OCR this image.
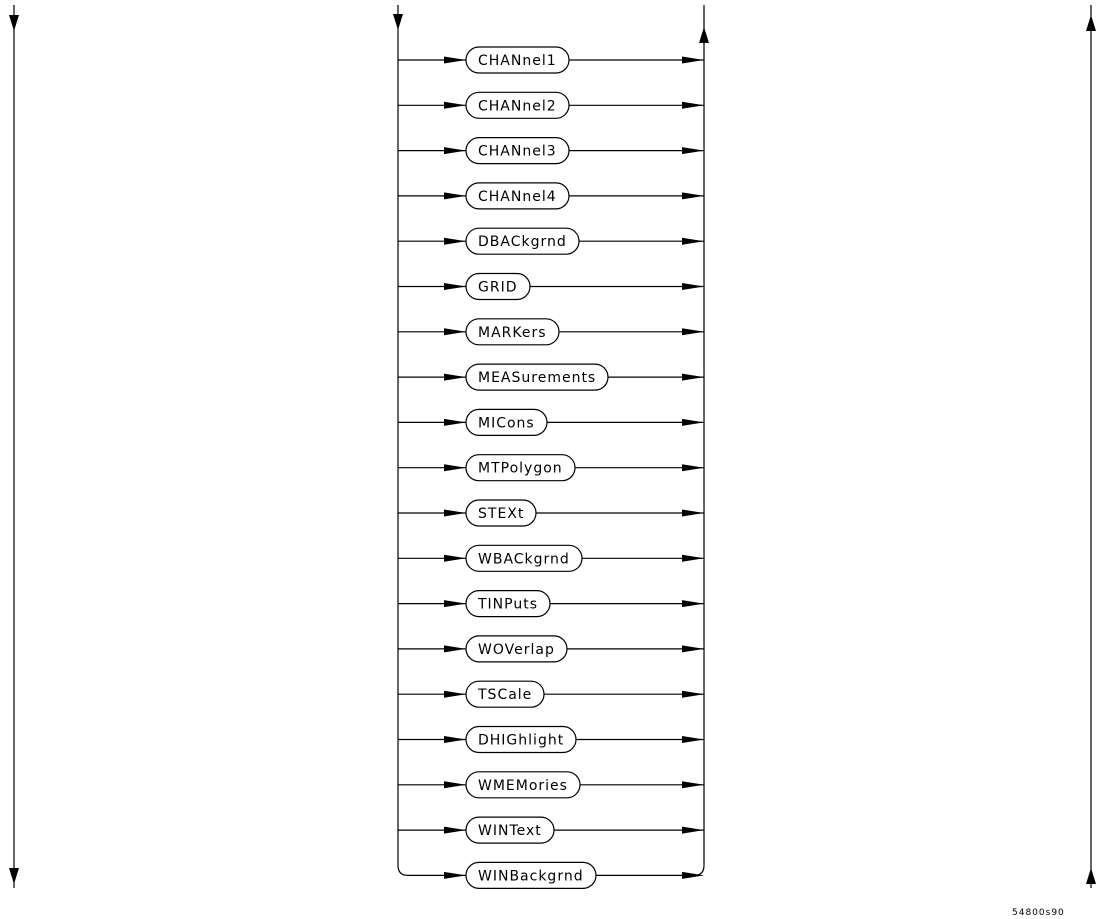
CHANnel1
CHANnel2
CHANnel3
CHANnel4
DBACkgrnd
GRID
MARKers
MEASurements
MICons
MTPolygon
STEXt
WBACkgrnd
TINPuts
WOVerlap
TSCale
DHIGhlight
WMEMories
WINText
WINBackgrnd
54800s90
